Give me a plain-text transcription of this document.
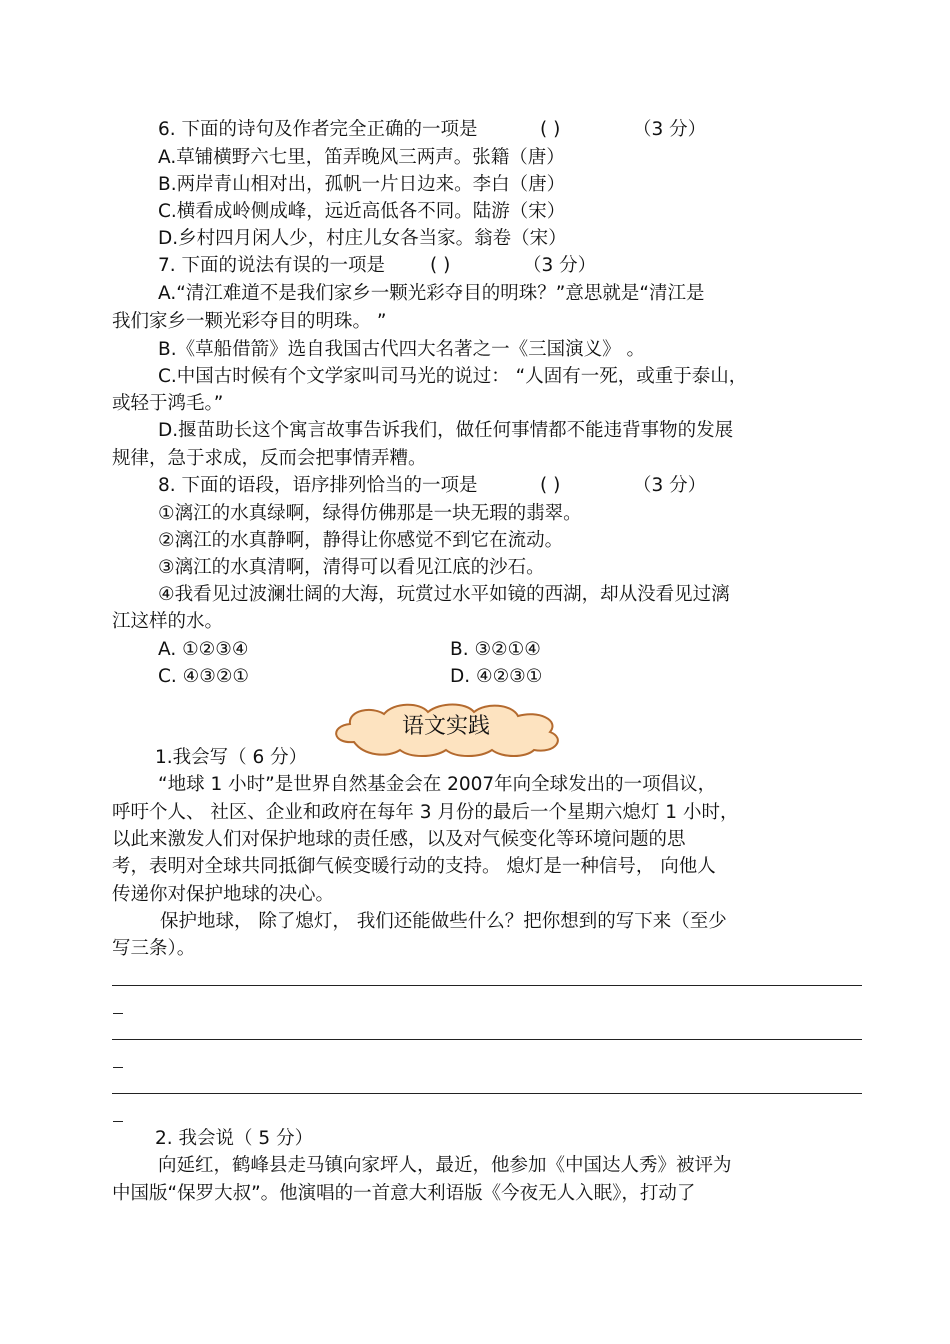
6. 下面的诗句及作者完全正确的一项是	( )	（3 分）

A.草铺横野六七里，笛弄晚风三两声。张籍（唐）

B.两岸青山相对出，孤帆一片日边来。李白（唐）

C.横看成岭侧成峰，远近高低各不同。陆游（宋）

D.乡村四月闲人少，村庄儿女各当家。翁卷（宋）

7. 下面的说法有误的一项是 ( )	（3 分）

A.“清江难道不是我们家乡一颗光彩夺目的明珠？”意思就是“清江是

我们家乡一颗光彩夺目的明珠。 ”

B.《草船借箭》选自我国古代四大名著之一《三国演义》 。

C.中国古时候有个文学家叫司马光的说过： “人固有一死，或重于泰山，

或轻于鸿毛。”

D.揠苗助长这个寓言故事告诉我们，做任何事情都不能违背事物的发展

规律，急于求成，反而会把事情弄糟。

8. 下面的语段，语序排列恰当的一项是	( )	（3 分）

①漓江的水真绿啊，绿得仿佛那是一块无瑕的翡翠。

②漓江的水真静啊，静得让你感觉不到它在流动。

③漓江的水真清啊，清得可以看见江底的沙石。

④我看见过波澜壮阔的大海，玩赏过水平如镜的西湖，却从没看见过漓

江这样的水。

A. ①②③④	B. ③②①④

C. ④③②①	D. ④②③①

语文实践

1.我会写（ 6 分）

“地球 1 小时”是世界自然基金会在 2007年向全球发出的一项倡议，

呼吁个人、 社区、企业和政府在每年 3 月份的最后一个星期六熄灯 1 小时，

以此来激发人们对保护地球的责任感，以及对气候变化等环境问题的思

考，表明对全球共同抵御气候变暖行动的支持。 熄灯是一种信号， 向他人

传递你对保护地球的决心。

保护地球， 除了熄灯， 我们还能做些什么？把你想到的写下来（至少

写三条）。

2. 我会说（ 5 分）

向延红，鹤峰县走马镇向家坪人，最近，他参加《中国达人秀》被评为

中国版“保罗大叔”。他演唱的一首意大利语版《今夜无人入眠》，打动了
